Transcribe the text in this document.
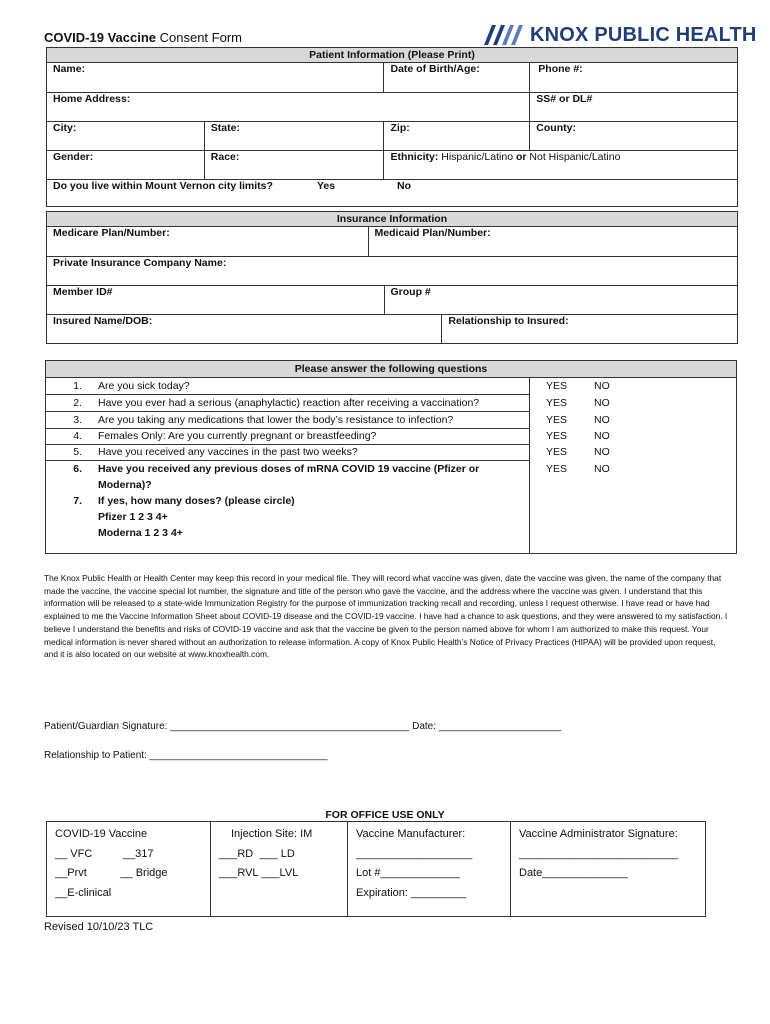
COVID-19 Vaccine Consent Form	KNOX PUBLIC HEALTH
Patient Information (Please Print)			
Name:		Date of Birth/Age:	Phone #:
Home Address:			SS# or DL#
City:	State:	Zip:	County:
Gender:	Race:	Ethnicity: Hispanic/Latino or Not Hispanic/Latino	
Do you live within Mount Vernon city limits? Yes No			
Insurance Information			
Medicare Plan/Number:	Medicaid Plan/Number:		
Private Insurance Company Name:			
Member ID#		Group #	
Insured Name/DOB:			Relationship to Insured:
Please answer the following questions
1. Are you sick today?	YES	NO
2. Have you ever had a serious (anaphylactic) reaction after receiving a vaccination?	YES	NO
3. Are you taking any medications that lower the body’s resistance to infection?	YES	NO
4. Females Only: Are you currently pregnant or breastfeeding?	YES	NO
5. Have you received any vaccines in the past two weeks?	YES	NO
6. Have you received any previous doses of mRNA COVID 19 vaccine (Pfizer or	YES	NO
Moderna)?
7. If yes, how many doses? (please circle)
Pfizer 1 2 3 4+
Moderna 1 2 3 4+
The Knox Public Health or Health Center may keep this record in your medical file. They will record what vaccine was given, date the vaccine was given, the name of the company that made the vaccine, the vaccine special lot number, the signature and title of the person who gave the vaccine, and the address where the vaccine was given. I understand that this information will be released to a state-wide Immunization Registry for the purpose of immunization tracking recall and recording, unless I request otherwise. I have read or have had explained to me the Vaccine Information Sheet about COVID-19 disease and the COVID-19 vaccine. I have had a chance to ask questions, and they were answered to my satisfaction. I believe I understand the benefits and risks of COVID-19 vaccine and ask that the vaccine be given to the person named above for whom I am authorized to make this request. Your medical information is never shared without an authorization to release information. A copy of Knox Public Health’s Notice of Privacy Practices (HIPAA) will be provided upon request, and it is also located on our website at www.knoxhealth.com.
Patient/Guardian Signature: ___________________________________________ Date: ______________________
Relationship to Patient: ________________________________
FOR OFFICE USE ONLY
COVID-19 Vaccine
__ VFC          __317
__Prvt           __ Bridge
__E-clinical

Injection Site: IM
___RD  ___ LD
___RVL ___LVL

Vaccine Manufacturer:
___________________
Lot #_____________
Expiration: _________

Vaccine Administrator Signature:
__________________________
Date______________
Revised 10/10/23 TLC
